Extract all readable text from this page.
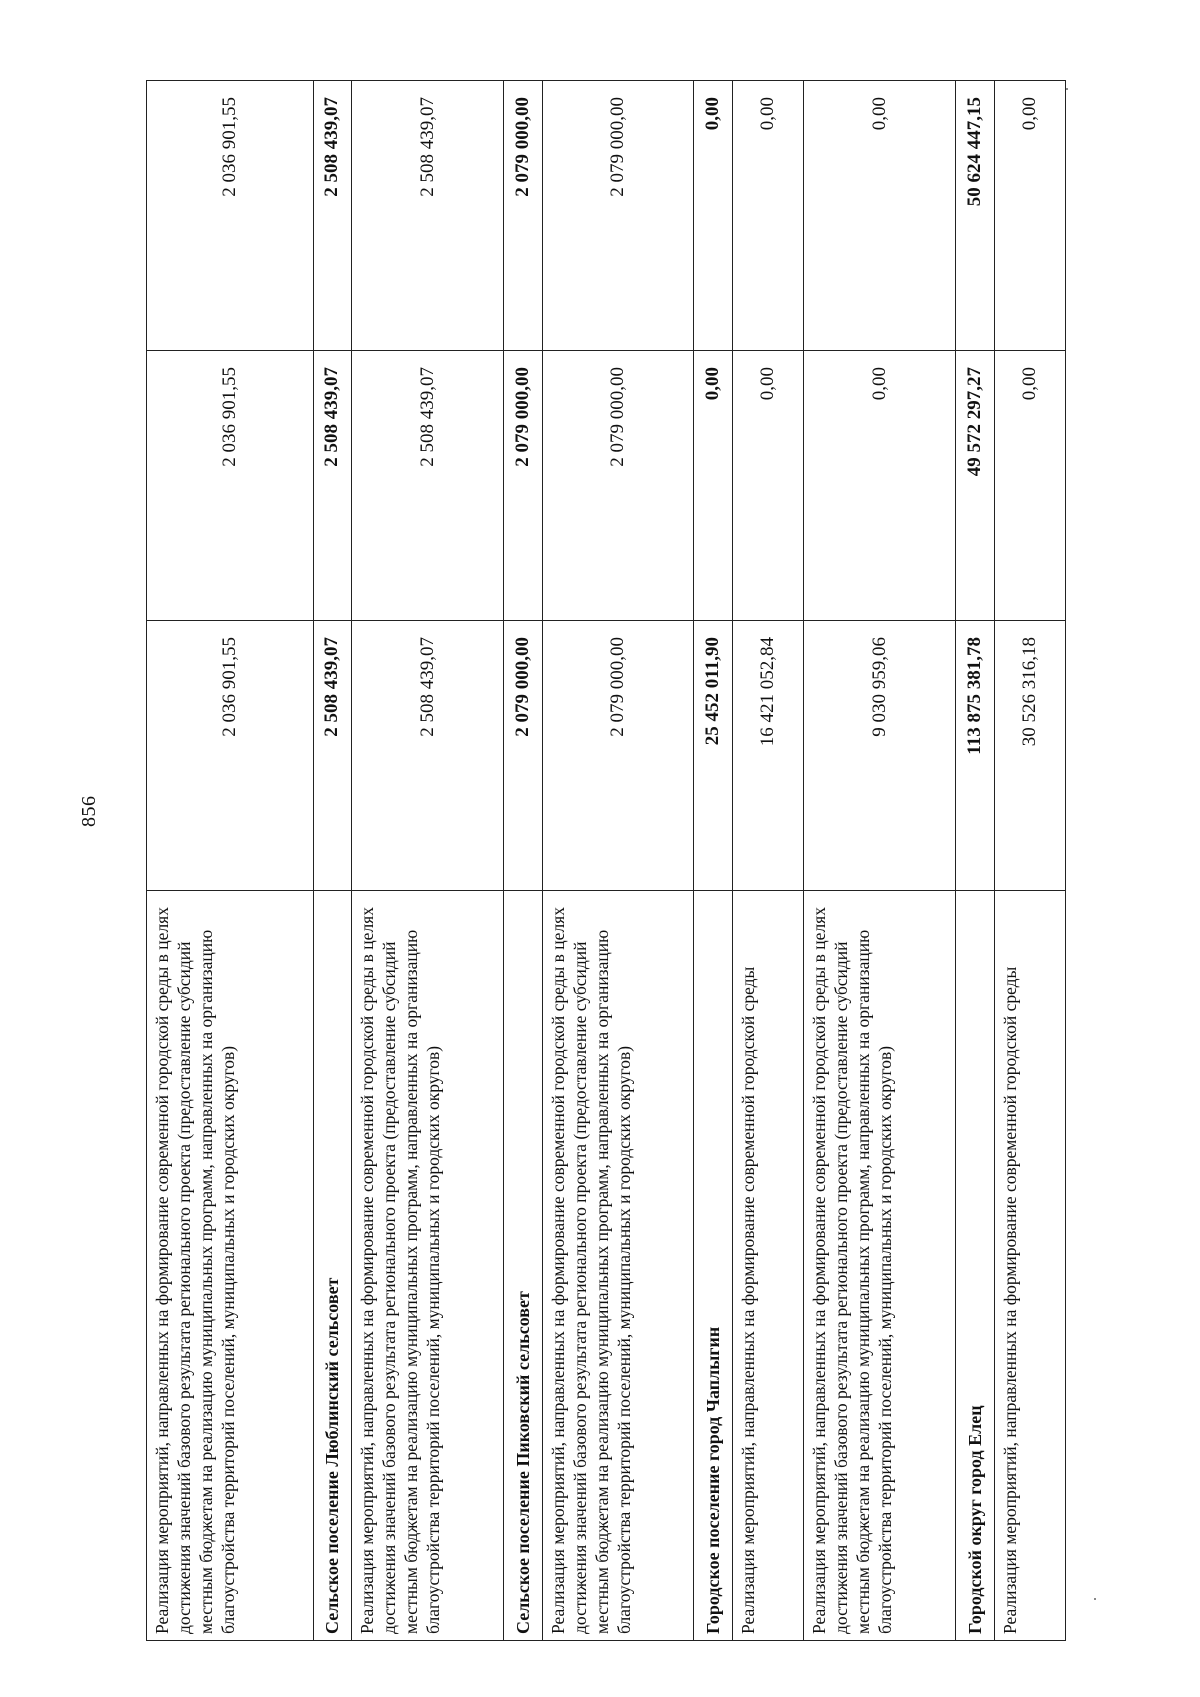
856
Реализация мероприятий, направленных на формирование современной городской среды в целях достижения значений базового результата регионального проекта (предоставление субсидий местным бюджетам на реализацию муниципальных программ, направленных на организацию благоустройства территорий поселений, муниципальных и городских округов)	2 036 901,55	2 036 901,55	2 036 901,55
Сельское поселение Люблинский сельсовет	2 508 439,07	2 508 439,07	2 508 439,07
Реализация мероприятий, направленных на формирование современной городской среды в целях достижения значений базового результата регионального проекта (предоставление субсидий местным бюджетам на реализацию муниципальных программ, направленных на организацию благоустройства территорий поселений, муниципальных и городских округов)	2 508 439,07	2 508 439,07	2 508 439,07
Сельское поселение Пиковский сельсовет	2 079 000,00	2 079 000,00	2 079 000,00
Реализация мероприятий, направленных на формирование современной городской среды в целях достижения значений базового результата регионального проекта (предоставление субсидий местным бюджетам на реализацию муниципальных программ, направленных на организацию благоустройства территорий поселений, муниципальных и городских округов)	2 079 000,00	2 079 000,00	2 079 000,00
Городское поселение город Чаплыгин	25 452 011,90	0,00	0,00
Реализация мероприятий, направленных на формирование современной городской среды	16 421 052,84	0,00	0,00
Реализация мероприятий, направленных на формирование современной городской среды в целях достижения значений базового результата регионального проекта (предоставление субсидий местным бюджетам на реализацию муниципальных программ, направленных на организацию благоустройства территорий поселений, муниципальных и городских округов)	9 030 959,06	0,00	0,00
Городской округ город Елец	113 875 381,78	49 572 297,27	50 624 447,15
Реализация мероприятий, направленных на формирование современной городской среды	30 526 316,18	0,00	0,00
